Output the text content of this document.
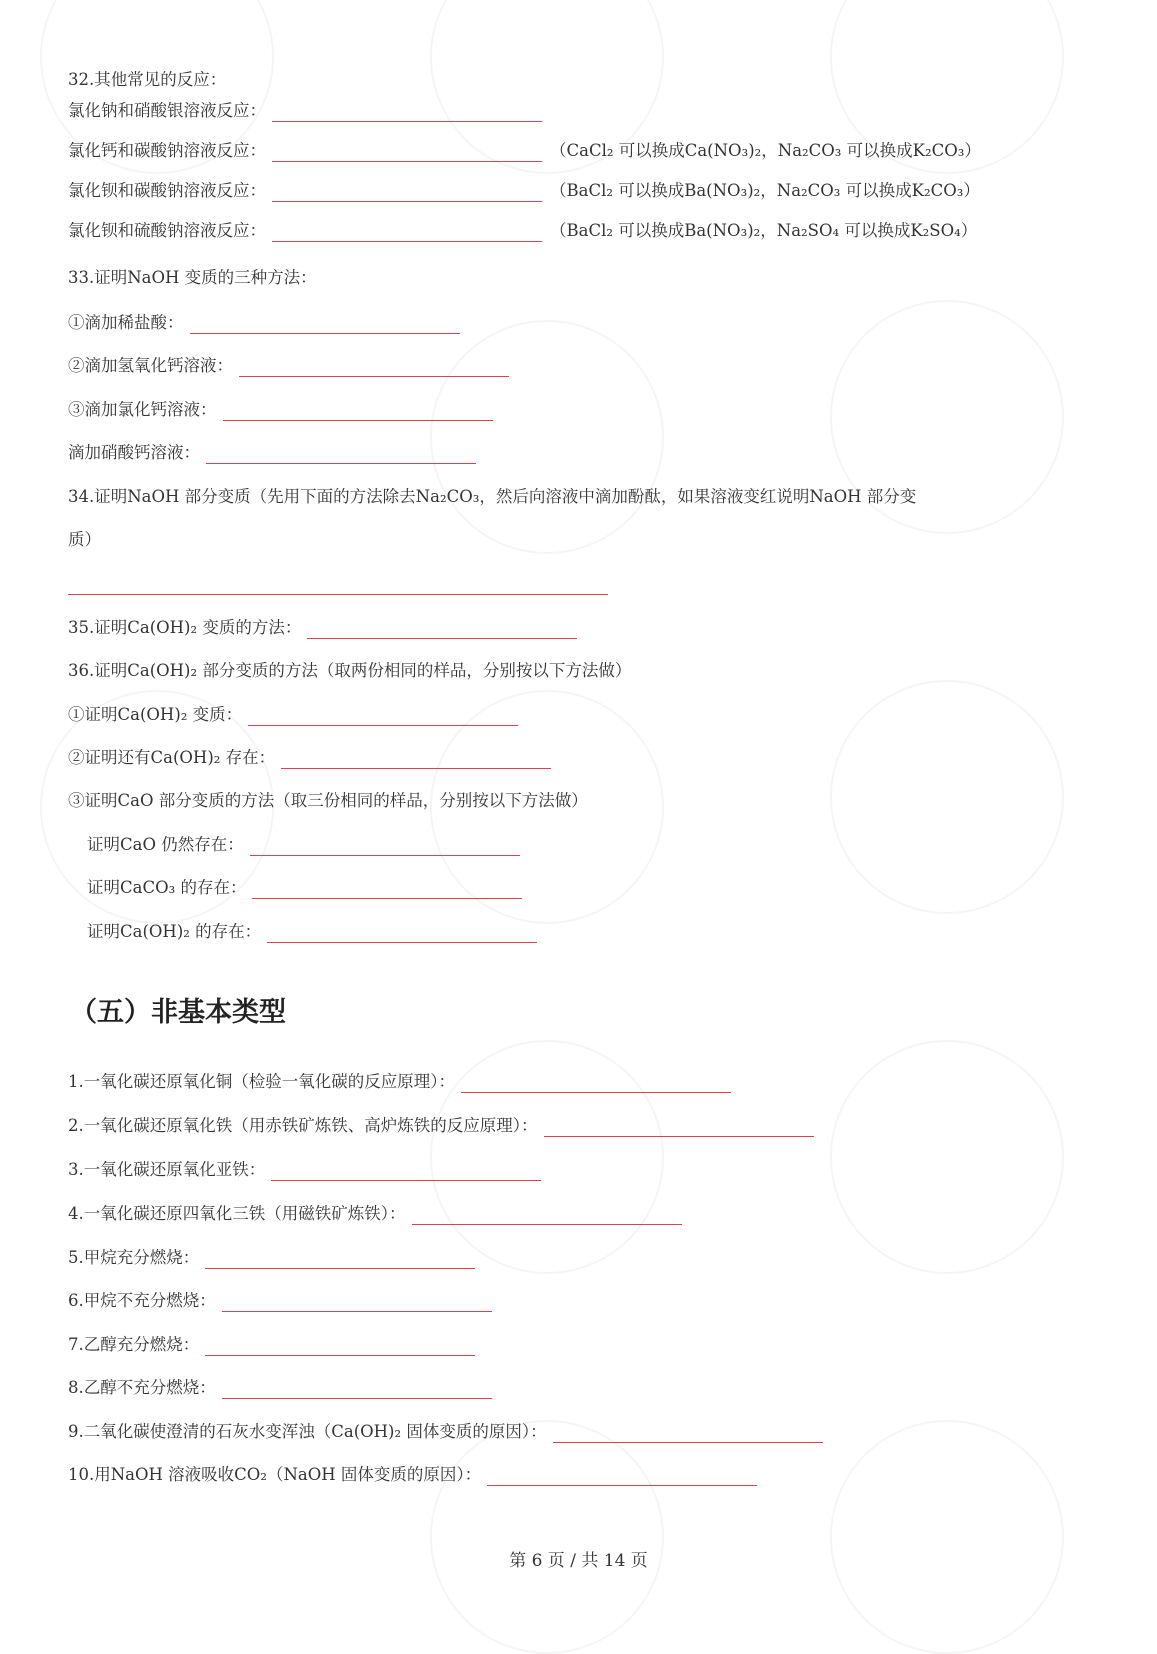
32.其他常见的反应：
氯化钠和硝酸银溶液反应：
氯化钙和碳酸钠溶液反应：	（CaCl₂ 可以换成Ca(NO₃)₂，Na₂CO₃ 可以换成K₂CO₃）
氯化钡和碳酸钠溶液反应：	（BaCl₂ 可以换成Ba(NO₃)₂，Na₂CO₃ 可以换成K₂CO₃）
氯化钡和硫酸钠溶液反应：	（BaCl₂ 可以换成Ba(NO₃)₂，Na₂SO₄ 可以换成K₂SO₄）
33.证明NaOH 变质的三种方法：
①滴加稀盐酸：
②滴加氢氧化钙溶液：
③滴加氯化钙溶液：
滴加硝酸钙溶液：
34.证明NaOH 部分变质（先用下面的方法除去Na₂CO₃，然后向溶液中滴加酚酞，如果溶液变红说明NaOH 部分变
质）
35.证明Ca(OH)₂ 变质的方法：
36.证明Ca(OH)₂ 部分变质的方法（取两份相同的样品，分别按以下方法做）
①证明Ca(OH)₂ 变质：
②证明还有Ca(OH)₂ 存在：
③证明CaO 部分变质的方法（取三份相同的样品，分别按以下方法做）
证明CaO 仍然存在：
证明CaCO₃ 的存在：
证明Ca(OH)₂ 的存在：
1.一氧化碳还原氧化铜（检验一氧化碳的反应原理）：
2.一氧化碳还原氧化铁（用赤铁矿炼铁、高炉炼铁的反应原理）：
3.一氧化碳还原氧化亚铁：
4.一氧化碳还原四氧化三铁（用磁铁矿炼铁）：
5.甲烷充分燃烧：
6.甲烷不充分燃烧：
7.乙醇充分燃烧：
8.乙醇不充分燃烧：
9.二氧化碳使澄清的石灰水变浑浊（Ca(OH)₂ 固体变质的原因）：
10.用NaOH 溶液吸收CO₂（NaOH 固体变质的原因）：
（五）非基本类型
第 6 页 / 共 14 页
